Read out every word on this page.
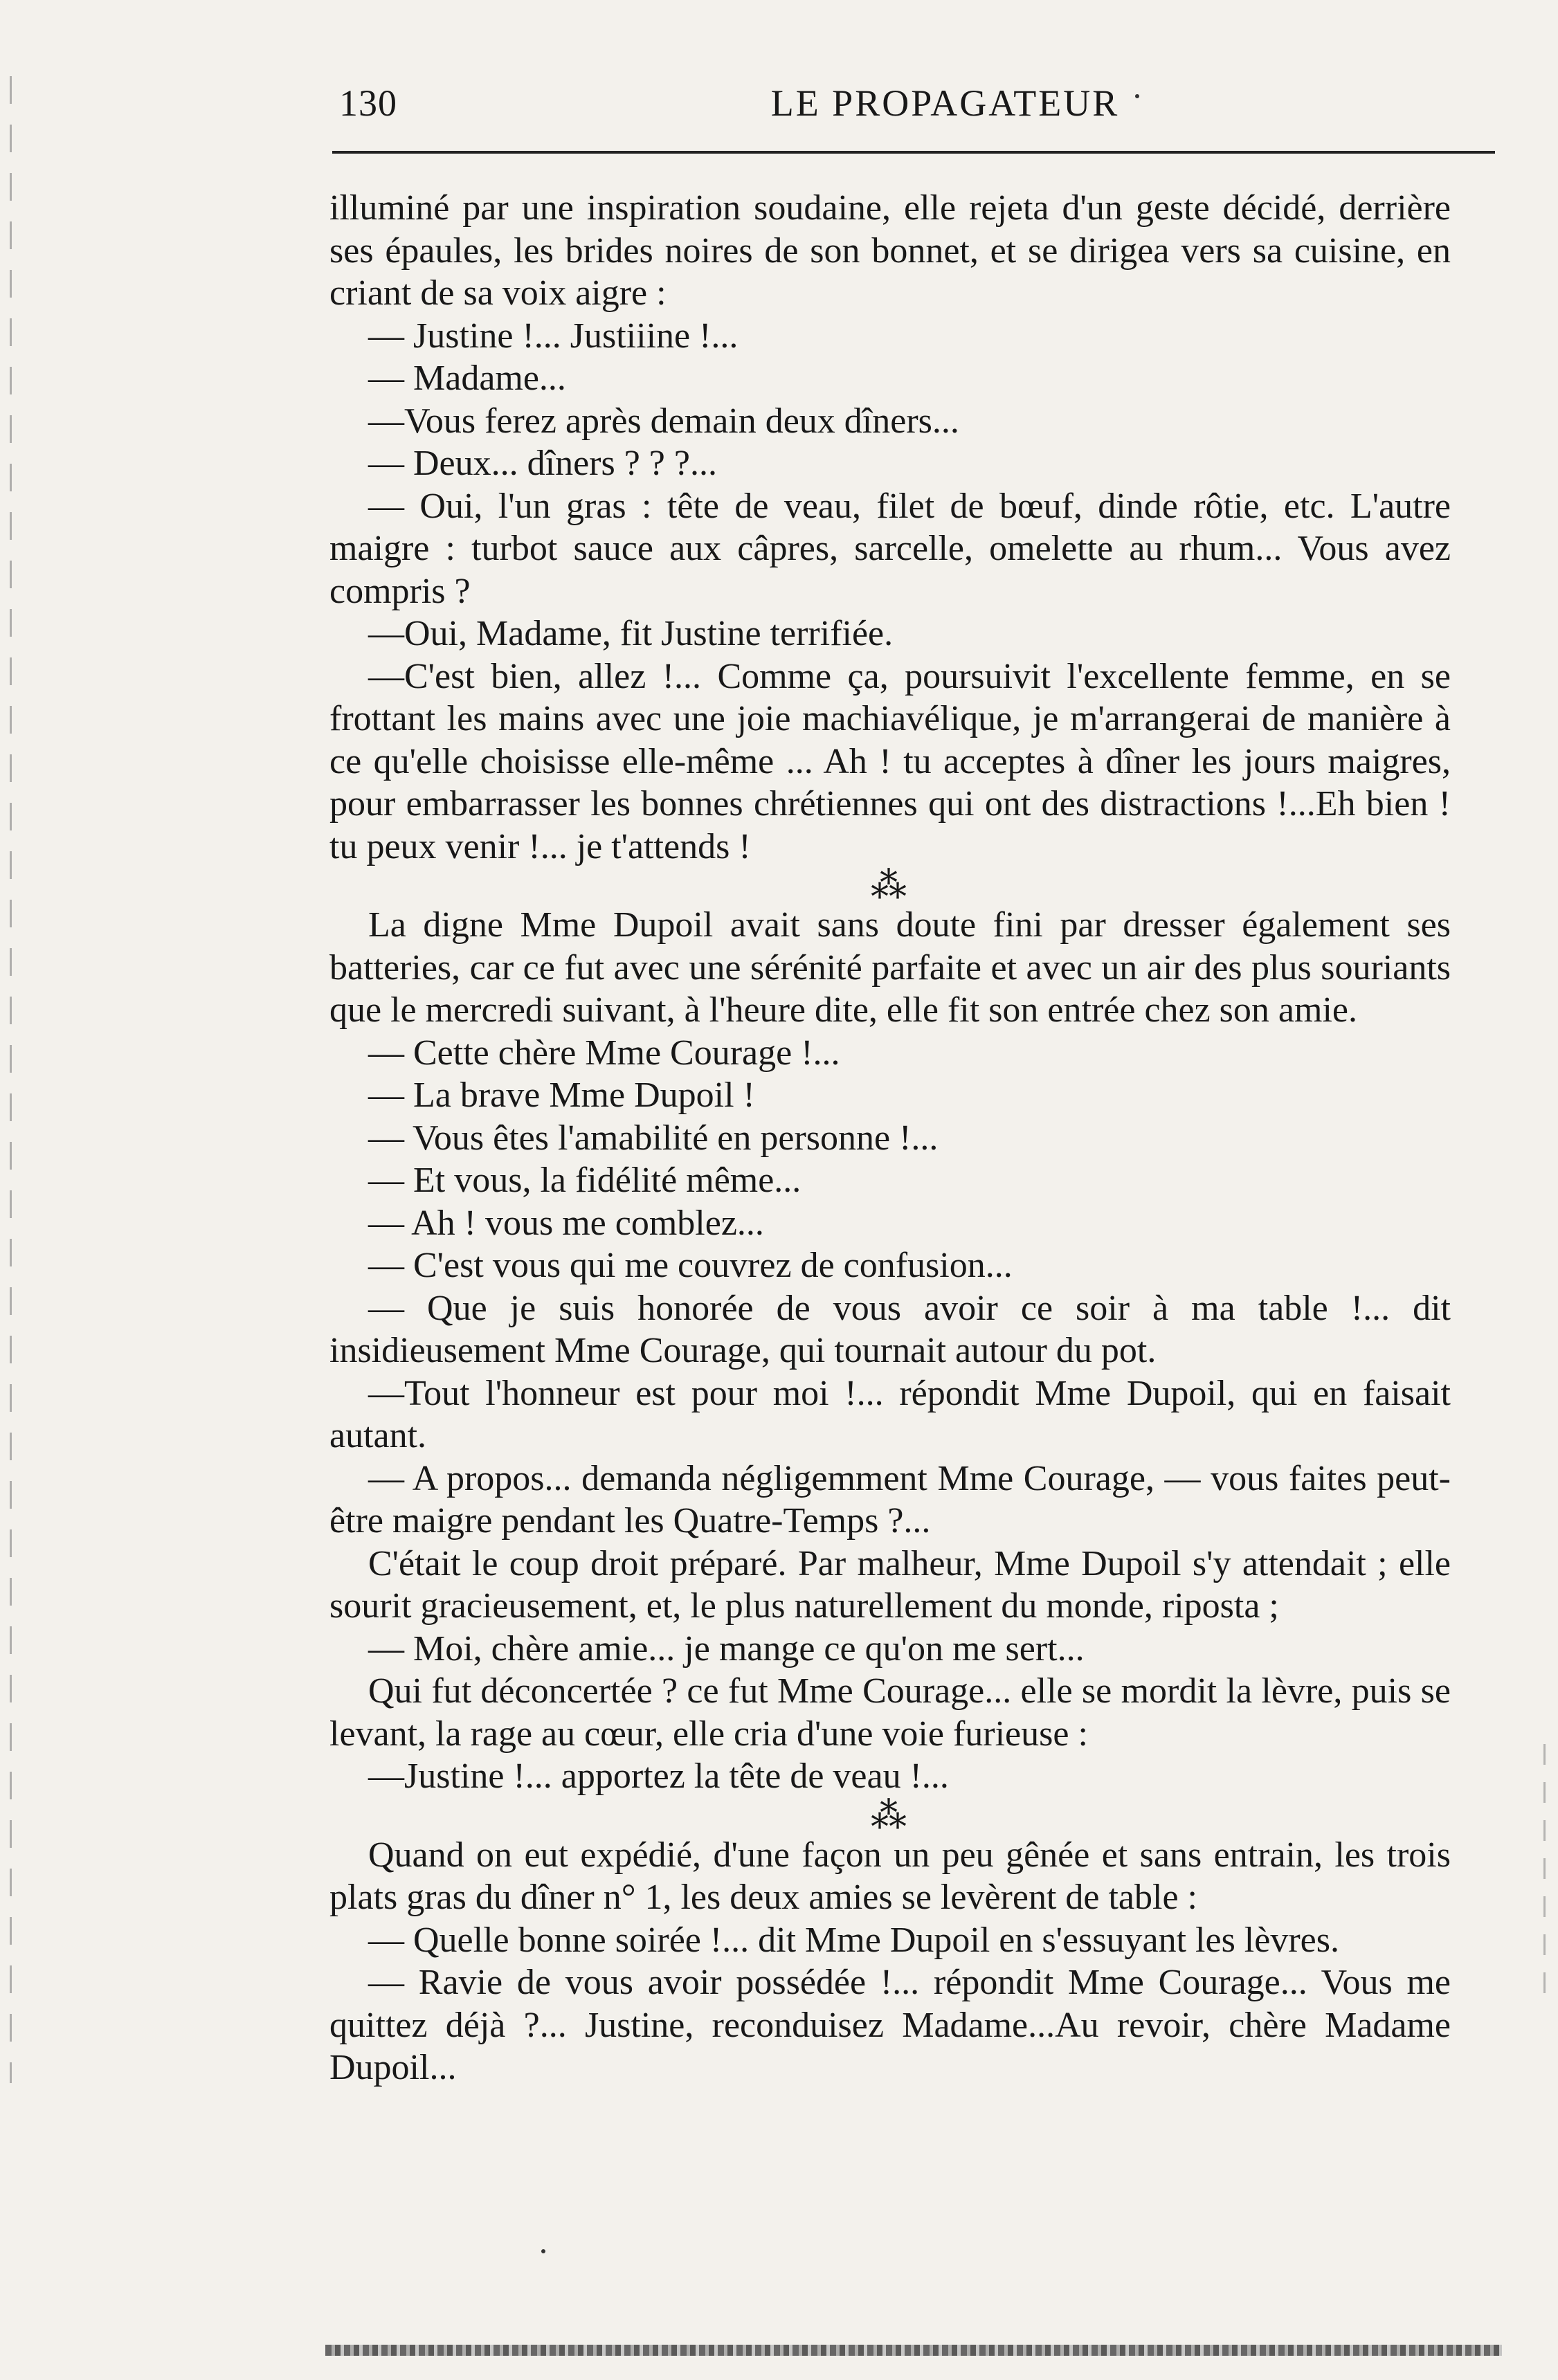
130	LE PROPAGATEUR

illuminé par une inspiration soudaine, elle rejeta d'un geste décidé, derrière ses épaules, les brides noires de son bonnet, et se dirigea vers sa cuisine, en criant de sa voix aigre :

— Justine !... Justiiine !...

— Madame...

—Vous ferez après demain deux dîners...

— Deux... dîners ? ? ?...

— Oui, l'un gras : tête de veau, filet de bœuf, dinde rôtie, etc. L'autre maigre : turbot sauce aux câpres, sarcelle, omelette au rhum... Vous avez compris ?

—Oui, Madame, fit Justine terrifiée.

—C'est bien, allez !... Comme ça, poursuivit l'excellente femme, en se frottant les mains avec une joie machiavélique, je m'arrangerai de manière à ce qu'elle choisisse elle-même ... Ah ! tu acceptes à dîner les jours maigres, pour embarrasser les bonnes chrétiennes qui ont des distractions !...Eh bien ! tu peux venir !... je t'attends !

⁂

La digne Mme Dupoil avait sans doute fini par dresser également ses batteries, car ce fut avec une sérénité parfaite et avec un air des plus souriants que le mercredi suivant, à l'heure dite, elle fit son entrée chez son amie.

— Cette chère Mme Courage !...

— La brave Mme Dupoil !

— Vous êtes l'amabilité en personne !...

— Et vous, la fidélité même...

— Ah ! vous me comblez...

— C'est vous qui me couvrez de confusion...

— Que je suis honorée de vous avoir ce soir à ma table !... dit insidieusement Mme Courage, qui tournait autour du pot.

—Tout l'honneur est pour moi !... répondit Mme Dupoil, qui en faisait autant.

— A propos... demanda négligemment Mme Courage, — vous faites peut-être maigre pendant les Quatre-Temps ?...

C'était le coup droit préparé. Par malheur, Mme Dupoil s'y attendait ; elle sourit gracieusement, et, le plus naturellement du monde, riposta ;

— Moi, chère amie... je mange ce qu'on me sert...

Qui fut déconcertée ? ce fut Mme Courage... elle se mordit la lèvre, puis se levant, la rage au cœur, elle cria d'une voie furieuse :

—Justine !... apportez la tête de veau !...

⁂

Quand on eut expédié, d'une façon un peu gênée et sans entrain, les trois plats gras du dîner n° 1, les deux amies se levèrent de table :

— Quelle bonne soirée !... dit Mme Dupoil en s'essuyant les lèvres.

— Ravie de vous avoir possédée !... répondit Mme Courage... Vous me quittez déjà ?... Justine, reconduisez Madame...Au revoir, chère Madame Dupoil...
